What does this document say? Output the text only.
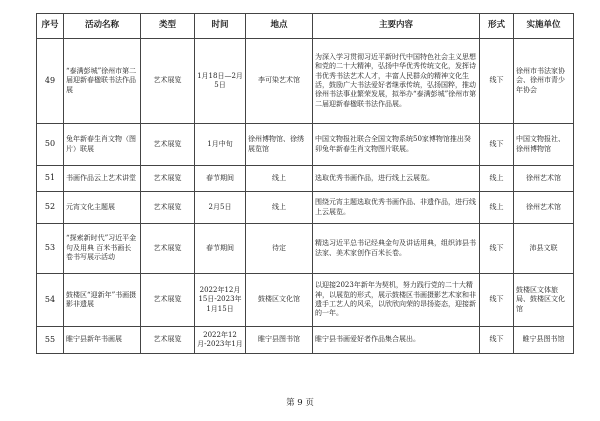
序号	活动名称	类型	时间	地点	主要内容	形式	实施单位
49	“泰满彭城”徐州市第二届迎新春楹联书法作品展	艺术展览	1月18日—2月5日	李可染艺术馆	为深入学习贯彻习近平新时代中国特色社会主义思想和党的二十大精神，弘扬中华优秀传统文化，发挥诗书优秀书法艺术人才，丰富人民群众的精神文化生活，鼓励广大书法爱好者继承传统，弘扬国粹，推动徐州书法事业繁荣发展，拟举办“泰满彭城”徐州市第二届迎新春楹联书法作品展。	线下	徐州市书法家协会、徐州市青少年协会
50	兔年新春生肖文物（图片）联展	艺术展览	1月中旬	徐州博物馆、徐绣展览馆	中国文物报社联合全国文物系统50家博物馆推出癸卯兔年新春生肖文物图片联展。	线下	中国文物报社、徐州博物馆
51	书画作品云上艺术讲堂	艺术展览	春节期间	线上	选取优秀书画作品，进行线上云展览。	线上	徐州艺术馆
52	元宵文化主题展	艺术展览	2月5日	线上	围绕元宵主题选取优秀书画作品、非遗作品，进行线上云展览。	线上	徐州艺术馆
53	“探索新时代”习近平金句及用典 百米书画长卷书写展示活动	艺术展览	春节期间	待定	精选习近平总书记经典金句及讲话用典，组织沛县书法家、美术家创作百米长卷。	线下	沛县文联
54	鼓楼区“迎新年”书画摄影非遗展	艺术展览	2022年12月15日-2023年1月15日	鼓楼区文化馆	以迎接2023年新年为契机，努力践行党的二十大精神，以展览的形式，展示鼓楼区书画摄影艺术家和非遗手工艺人的风采，以欣欣向荣的昂扬姿态，迎接新的一年。	线下	鼓楼区文体旅局、鼓楼区文化馆
55	睢宁县新年书画展	艺术展览	2022年12月-2023年1月	睢宁县图书馆	睢宁县书画爱好者作品集合展出。	线下	睢宁县图书馆
第 9 页
